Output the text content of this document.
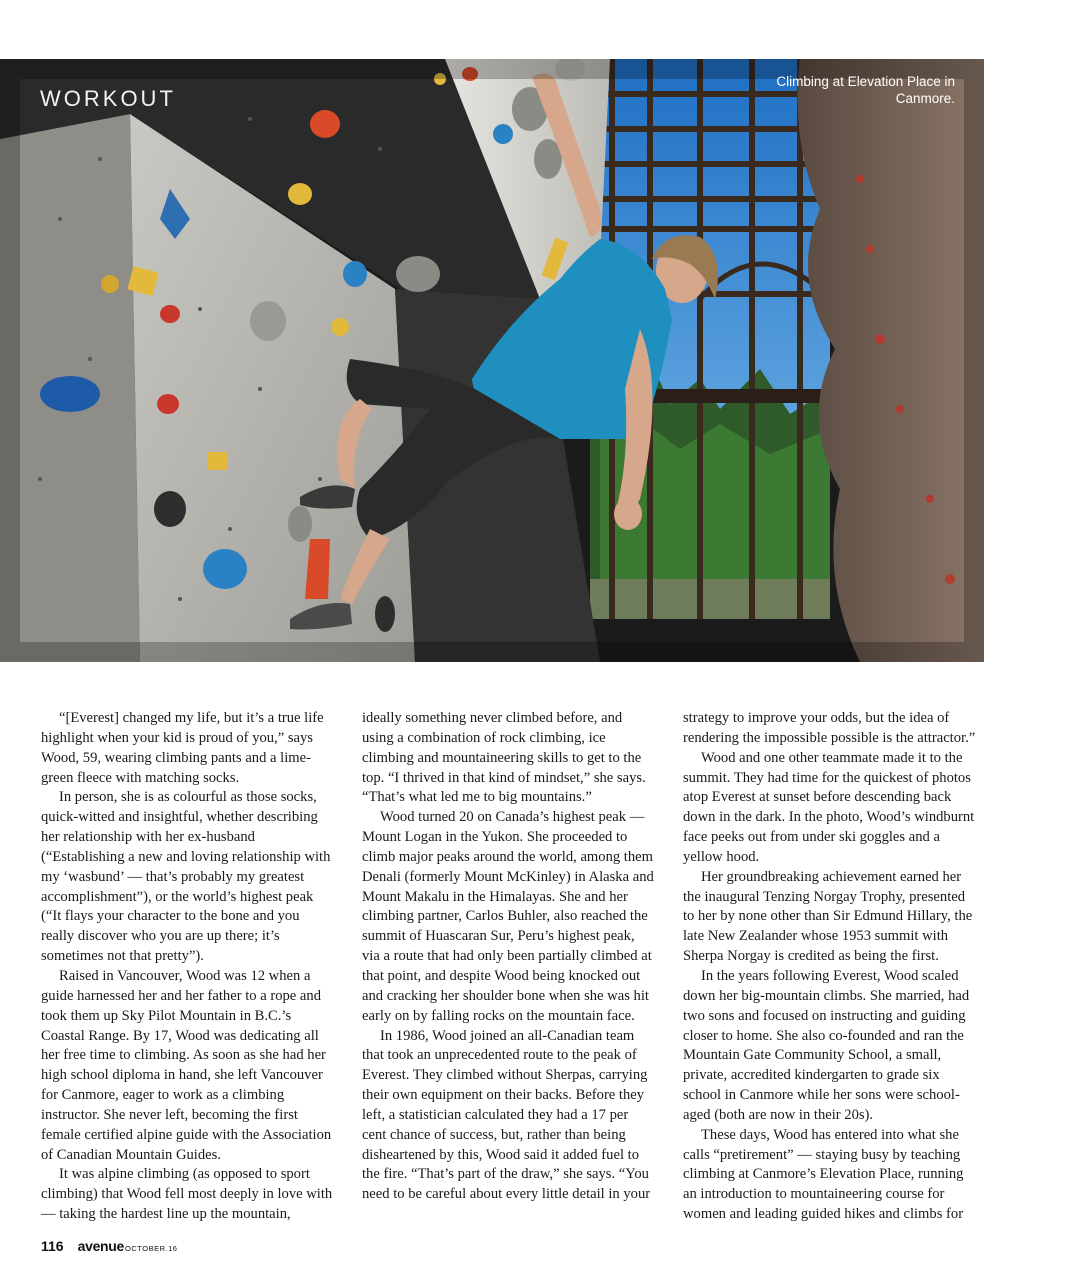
WORKOUT
Climbing at Elevation Place in Canmore.

“[Everest] changed my life, but it’s a true life highlight when your kid is proud of you,” says Wood, 59, wearing climbing pants and a lime-green fleece with matching socks.

In person, she is as colourful as those socks, quick-witted and insightful, whether describing her relationship with her ex-husband (“Establishing a new and loving relationship with my ‘wasbund’ — that’s probably my greatest accomplishment”), or the world’s highest peak (“It flays your character to the bone and you really discover who you are up there; it’s sometimes not that pretty”).

Raised in Vancouver, Wood was 12 when a guide harnessed her and her father to a rope and took them up Sky Pilot Mountain in B.C.’s Coastal Range. By 17, Wood was dedicating all her free time to climbing. As soon as she had her high school diploma in hand, she left Vancouver for Canmore, eager to work as a climbing instructor. She never left, becoming the first female certified alpine guide with the Association of Canadian Mountain Guides.

It was alpine climbing (as opposed to sport climbing) that Wood fell most deeply in love with — taking the hardest line up the mountain,

ideally something never climbed before, and using a combination of rock climbing, ice climbing and mountaineering skills to get to the top. “I thrived in that kind of mindset,” she says. “That’s what led me to big mountains.”

Wood turned 20 on Canada’s highest peak — Mount Logan in the Yukon. She proceeded to climb major peaks around the world, among them Denali (formerly Mount McKinley) in Alaska and Mount Makalu in the Himalayas. She and her climbing partner, Carlos Buhler, also reached the summit of Huascaran Sur, Peru’s highest peak, via a route that had only been partially climbed at that point, and despite Wood being knocked out and cracking her shoulder bone when she was hit early on by falling rocks on the mountain face.

In 1986, Wood joined an all-Canadian team that took an unprecedented route to the peak of Everest. They climbed without Sherpas, carrying their own equipment on their backs. Before they left, a statistician calculated they had a 17 per cent chance of success, but, rather than being disheartened by this, Wood said it added fuel to the fire. “That’s part of the draw,” she says. “You need to be careful about every little detail in your

strategy to improve your odds, but the idea of rendering the impossible possible is the attractor.”

Wood and one other teammate made it to the summit. They had time for the quickest of photos atop Everest at sunset before descending back down in the dark. In the photo, Wood’s windburnt face peeks out from under ski goggles and a yellow hood.

Her groundbreaking achievement earned her the inaugural Tenzing Norgay Trophy, presented to her by none other than Sir Edmund Hillary, the late New Zealander whose 1953 summit with Sherpa Norgay is credited as being the first.

In the years following Everest, Wood scaled down her big-mountain climbs. She married, had two sons and focused on instructing and guiding closer to home. She also co-founded and ran the Mountain Gate Community School, a small, private, accredited kindergarten to grade six school in Canmore while her sons were school-aged (both are now in their 20s).

These days, Wood has entered into what she calls “pretirement” — staying busy by teaching climbing at Canmore’s Elevation Place, running an introduction to mountaineering course for women and leading guided hikes and climbs for

116 avenueOCTOBER.16
